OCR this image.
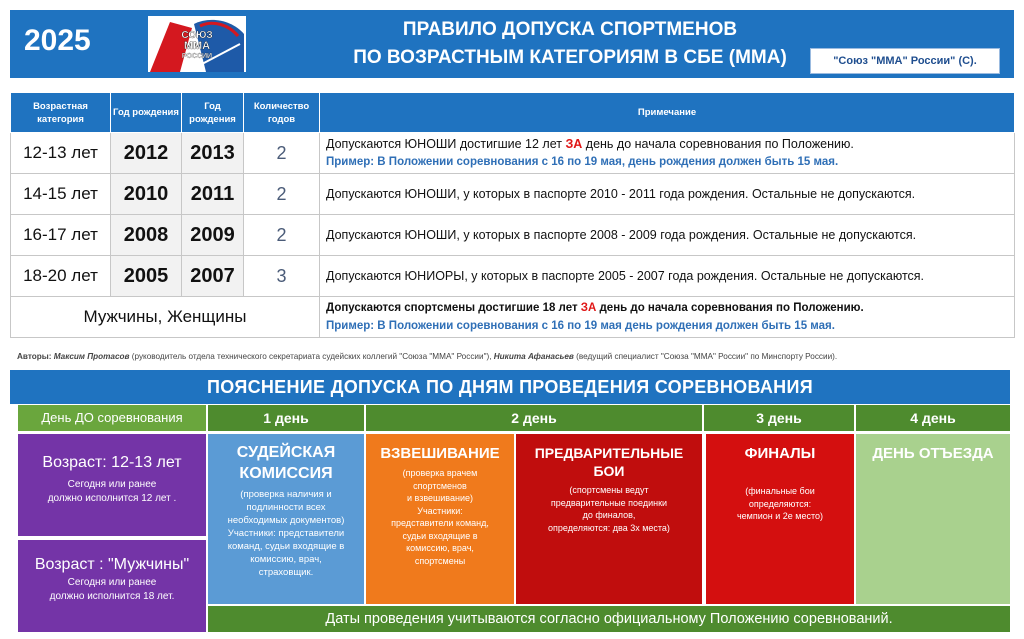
2025	СОЮЗ
ММА
РОССИИ
ПРАВИЛО ДОПУСКА СПОРТМЕНОВ
ПО ВОЗРАСТНЫМ КАТЕГОРИЯМ В СБЕ (ММА)	"Союз "ММА" России" (С).
Возрастная категория	Год рождения	Год рождения	Количество годов	Примечание
12-13 лет	2012	2013	2	Допускаются ЮНОШИ достигшие 12 лет ЗА день до начала соревнования по Положению.
Пример: В Положении соревнования с 16 по 19 мая, день рождения должен быть 15 мая.

14-15 лет	2010	2011	2	Допускаются ЮНОШИ, у которых в паспорте 2010 - 2011 года рождения. Остальные не допускаются.
16-17 лет	2008	2009	2	Допускаются ЮНОШИ, у которых в паспорте 2008 - 2009 года рождения. Остальные не допускаются.
18-20 лет	2005	2007	3	Допускаются ЮНИОРЫ, у которых в паспорте 2005 - 2007 года рождения. Остальные не допускаются.
Мужчины, Женщины				Допускаются спортсмены достигшие 18 лет ЗА день до начала соревнования по Положению.
Пример: В Положении соревнования с 16 по 19 мая день рождения должен быть 15 мая.
Авторы: Максим Протасов (руководитель отдела технического секретариата судейских коллегий "Союза "ММА" России"), Никита Афанасьев (ведущий специалист "Союза "ММА" России" по Минспорту России).
ПОЯСНЕНИЕ ДОПУСКА ПО ДНЯМ ПРОВЕДЕНИЯ СОРЕВНОВАНИЯ
День ДО соревнования	1 день	2 день	3 день	4 день
Возраст: 12-13 лет
Сегодня или ранее
должно исполнится 12 лет .
Возраст : "Мужчины"
Сегодня или ранее
должно исполнится 18 лет.
СУДЕЙСКАЯ
КОМИССИЯ
(проверка наличия и
подлинности всех
необходимых документов)
Участники: представители
команд, судьи входящие в
комиссию, врач,
страховщик.
ВЗВЕШИВАНИЕ
(проверка врачем
спортсменов
и взвешивание)
Участники:
представители команд,
судьи входящие в
комиссию, врач,
спортсмены
ПРЕДВАРИТЕЛЬНЫЕ
БОИ
(спортсмены ведут
предварительные поединки
до финалов,
определяются: два 3х места)
ФИНАЛЫ
(финальные бои
определяются:
чемпион и 2е место)
ДЕНЬ ОТЪЕЗДА
Даты проведения учитываются согласно официальному Положению соревнований.
